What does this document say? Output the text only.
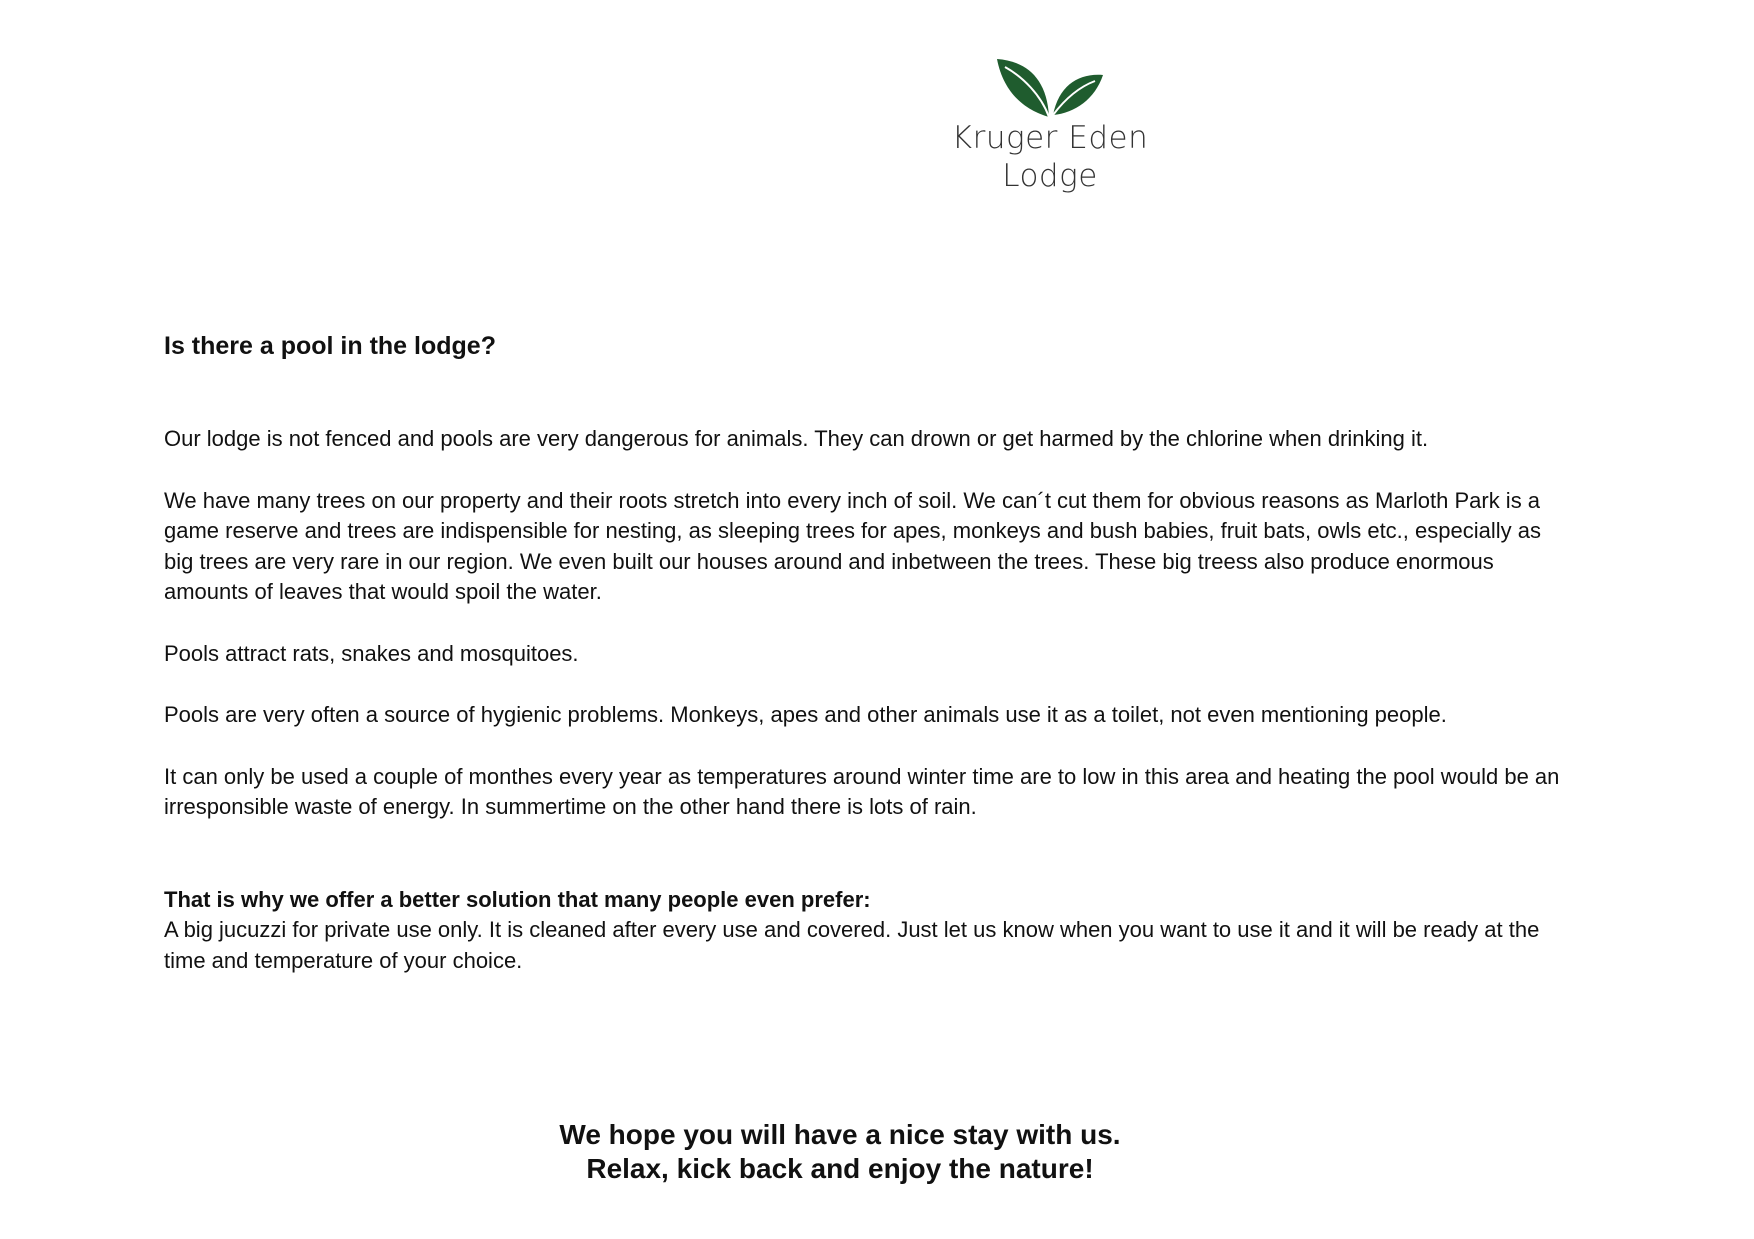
Kruger Eden
Lodge
Is there a pool in the lodge?
Our lodge is not fenced and pools are very dangerous for animals. They can drown or get harmed by the chlorine when drinking it.
We have many trees on our property and their roots stretch into every inch of soil. We can´t cut them for obvious reasons as Marloth Park is a game reserve and trees are indispensible for nesting, as sleeping trees for apes, monkeys and bush babies, fruit bats, owls etc., especially as big trees are very rare in our region. We even built our houses around and inbetween the trees. These big treess also produce enormous amounts of leaves that would spoil the water.
Pools attract rats, snakes and mosquitoes.
Pools are very often a source of hygienic problems. Monkeys, apes and other animals use it as a toilet, not even mentioning people.
It can only be used a couple of monthes every year as temperatures around winter time are to low in this area and heating the pool would be an irresponsible waste of energy. In summertime on the other hand there is lots of rain.
That is why we offer a better solution that many people even prefer:
A big jucuzzi for private use only. It is cleaned after every use and covered. Just let us know when you want to use it and it will be ready at the time and temperature of your choice.
We hope you will have a nice stay with us.
Relax, kick back and enjoy the nature!
